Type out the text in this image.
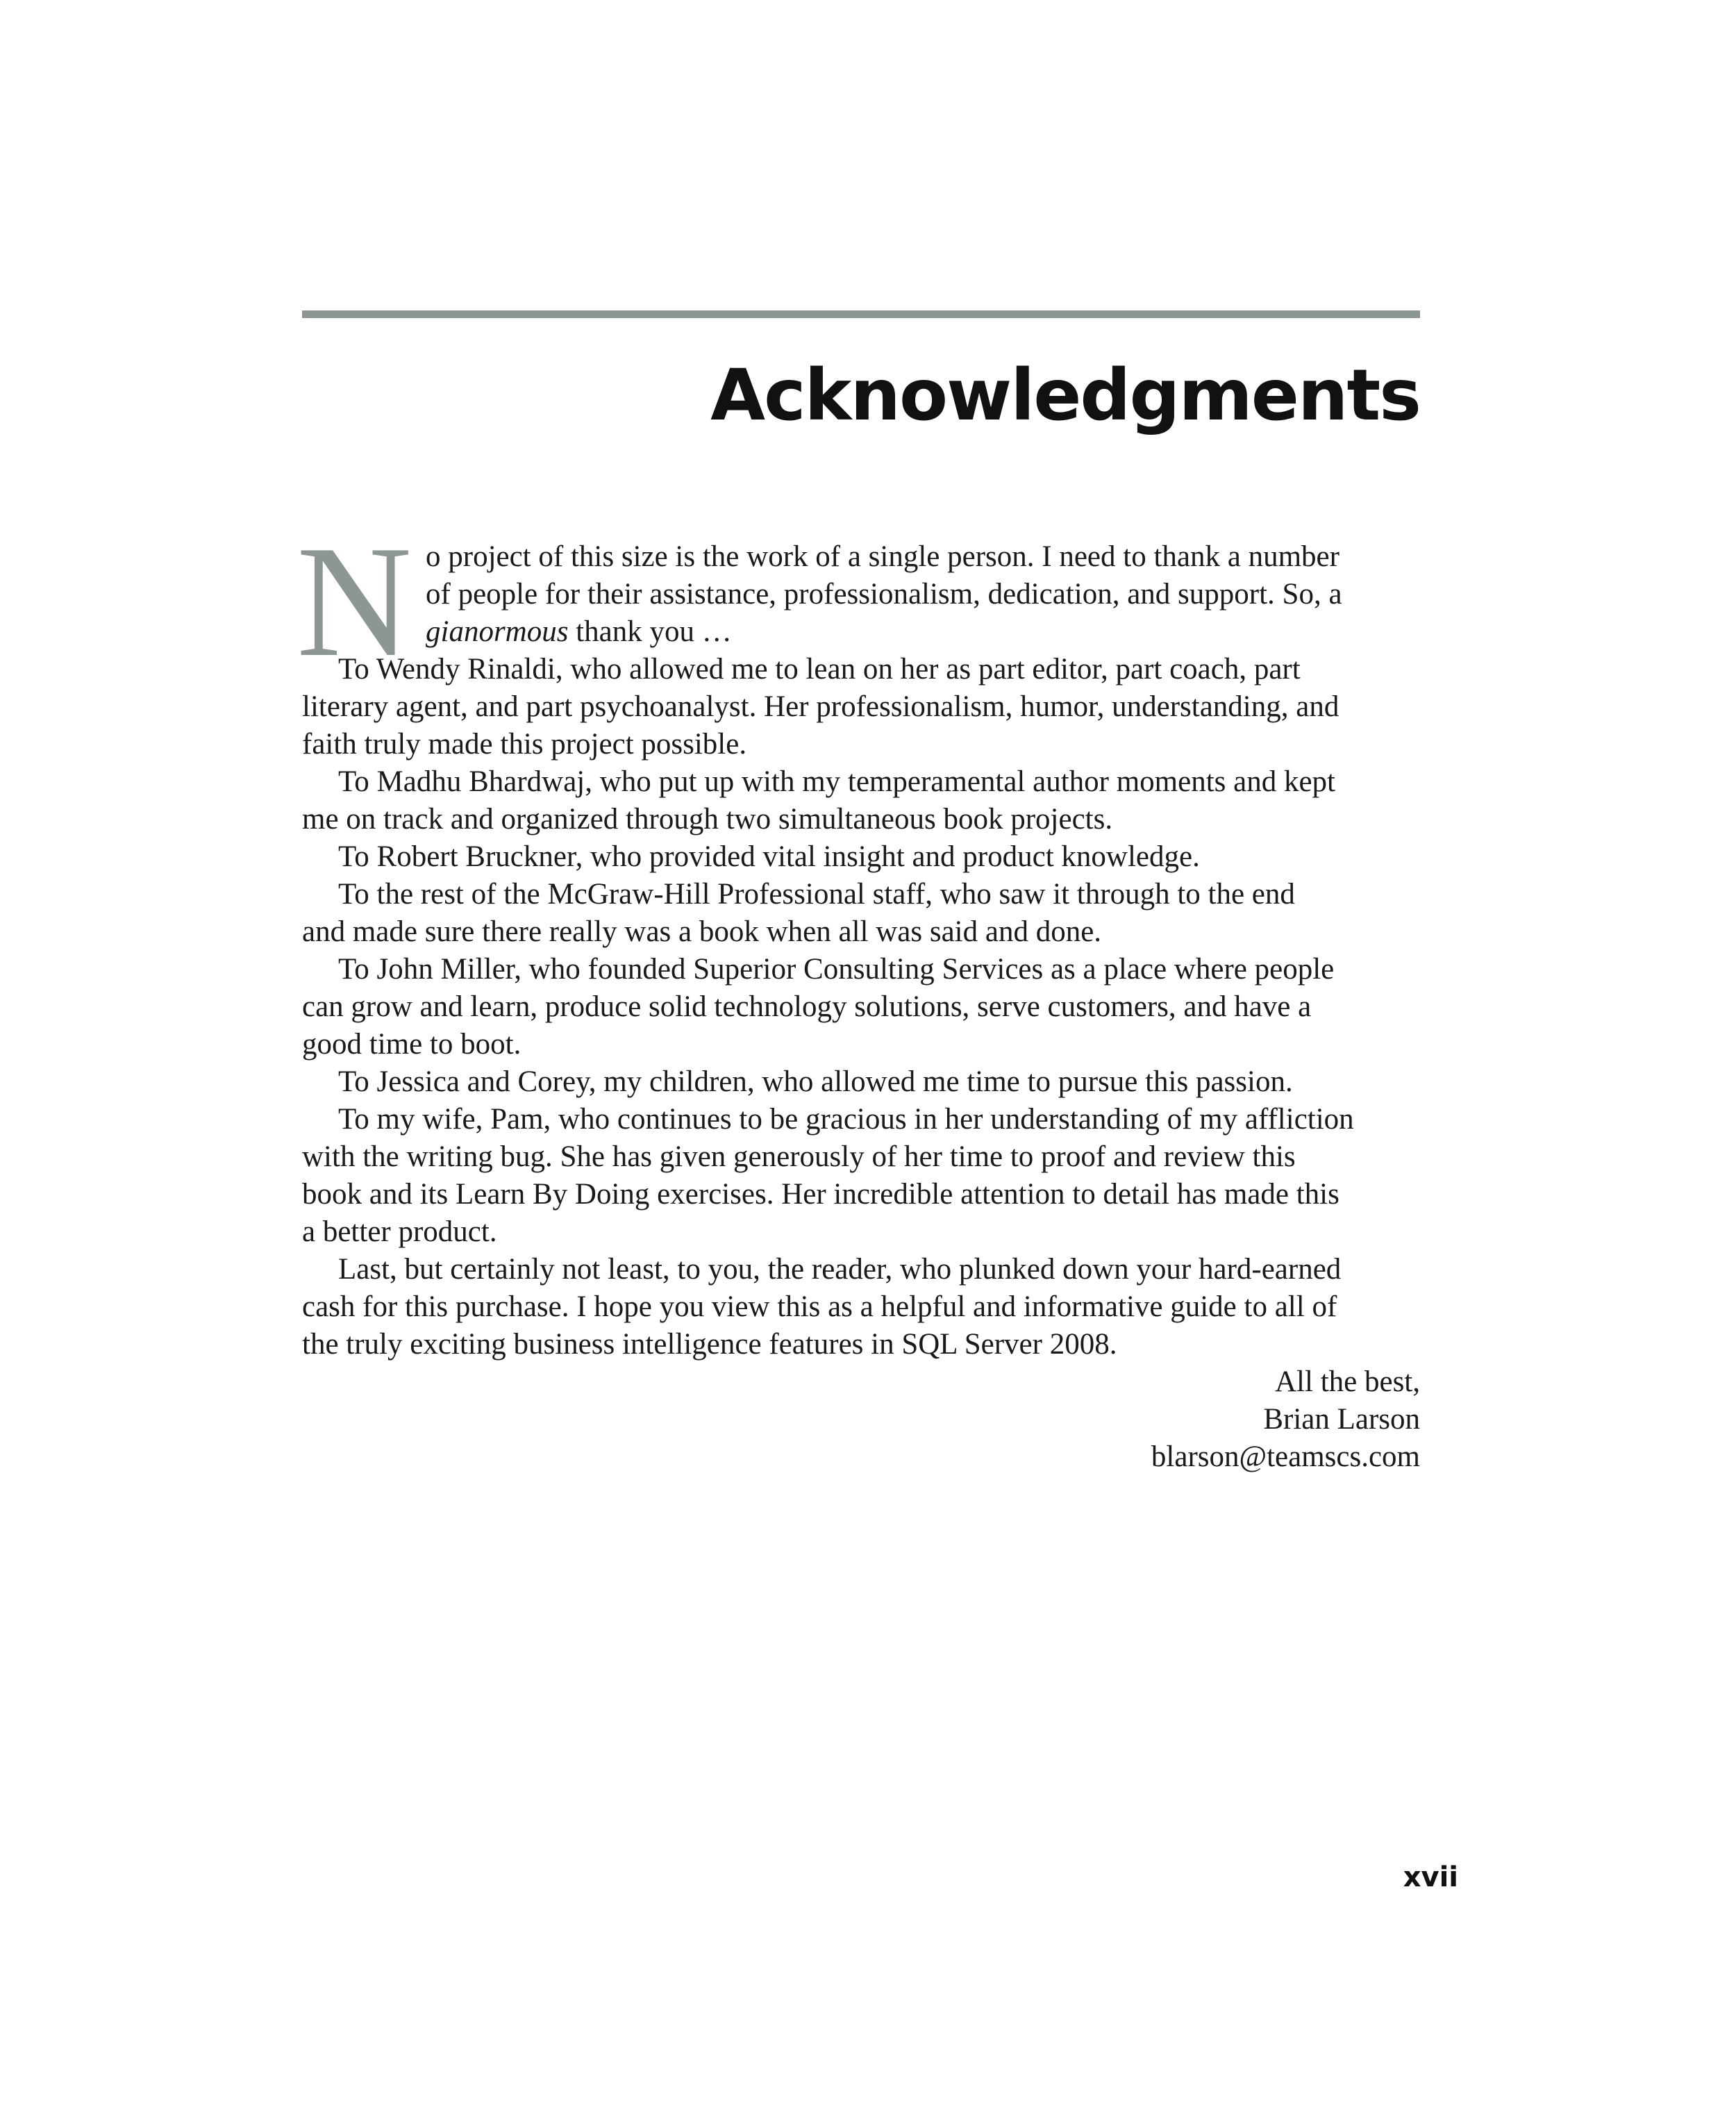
Acknowledgments
N o project of this size is the work of a single person. I need to thank a number
of people for their assistance, professionalism, dedication, and support. So, a
gianormous thank you …

To Wendy Rinaldi, who allowed me to lean on her as part editor, part coach, part
literary agent, and part psychoanalyst. Her professionalism, humor, understanding, and
faith truly made this project possible.

To Madhu Bhardwaj, who put up with my temperamental author moments and kept
me on track and organized through two simultaneous book projects.

To Robert Bruckner, who provided vital insight and product knowledge.

To the rest of the McGraw-Hill Professional staff, who saw it through to the end
and made sure there really was a book when all was said and done.

To John Miller, who founded Superior Consulting Services as a place where people
can grow and learn, produce solid technology solutions, serve customers, and have a
good time to boot.

To Jessica and Corey, my children, who allowed me time to pursue this passion.

To my wife, Pam, who continues to be gracious in her understanding of my affliction
with the writing bug. She has given generously of her time to proof and review this
book and its Learn By Doing exercises. Her incredible attention to detail has made this
a better product.

Last, but certainly not least, to you, the reader, who plunked down your hard-earned
cash for this purchase. I hope you view this as a helpful and informative guide to all of
the truly exciting business intelligence features in SQL Server 2008.

All the best,
Brian Larson
blarson@teamscs.com
xvii
